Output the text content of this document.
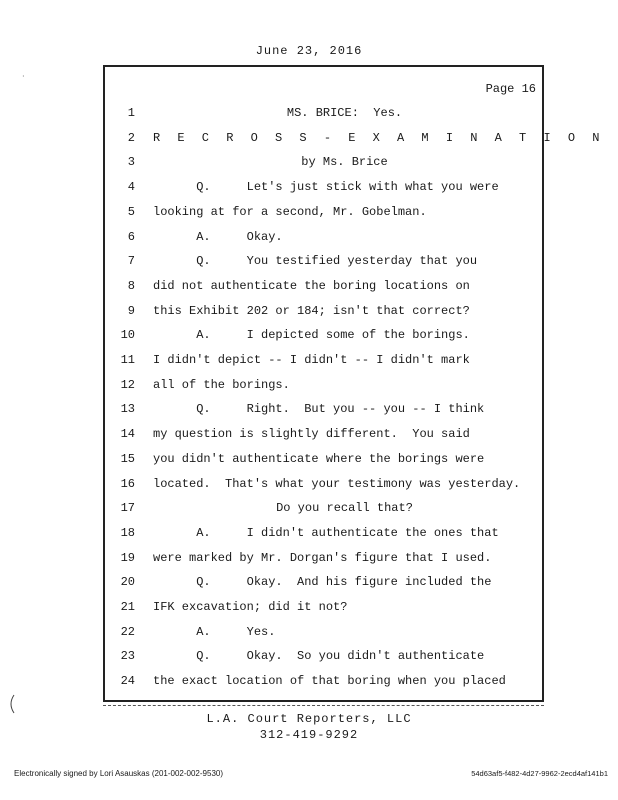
June 23, 2016
Page 16
1	MS. BRICE:  Yes.
2 R E C R O S S - E X A M I N A T I O N
3	by Ms. Brice
4 Q.     Let's just stick with what you were
5 looking at for a second, Mr. Gobelman.
6 A.     Okay.
7 Q.     You testified yesterday that you
8 did not authenticate the boring locations on
9 this Exhibit 202 or 184; isn't that correct?
10 A.     I depicted some of the borings.
11 I didn't depict -- I didn't -- I didn't mark
12 all of the borings.
13 Q.     Right.  But you -- you -- I think
14 my question is slightly different.  You said
15 you didn't authenticate where the borings were
16 located.  That's what your testimony was yesterday.
17	Do you recall that?
18 A.     I didn't authenticate the ones that
19 were marked by Mr. Dorgan's figure that I used.
20 Q.     Okay.  And his figure included the
21 IFK excavation; did it not?
22 A.     Yes.
23 Q.     Okay.  So you didn't authenticate
24 the exact location of that boring when you placed
L.A. Court Reporters, LLC
312-419-9292
Electronically signed by Lori Asauskas (201-002-002-9530)	54d63af5-f482-4d27-9962-2ecd4af141b1
·
